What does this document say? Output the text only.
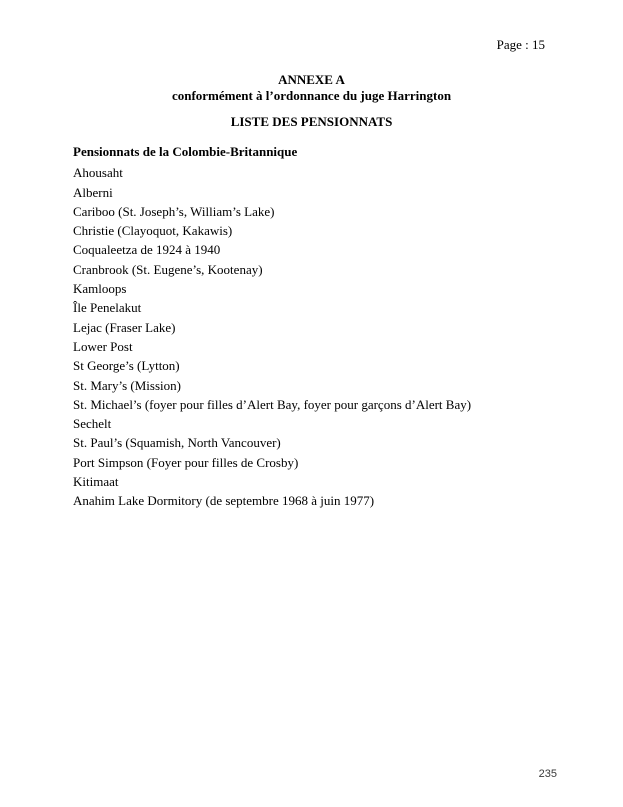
Page : 15
ANNEXE A
conformément à l’ordonnance du juge Harrington
LISTE DES PENSIONNATS
Pensionnats de la Colombie-Britannique
Ahousaht
Alberni
Cariboo (St. Joseph’s, William’s Lake)
Christie (Clayoquot, Kakawis)
Coqualeetza de 1924 à 1940
Cranbrook (St. Eugene’s, Kootenay)
Kamloops
Île Penelakut
Lejac (Fraser Lake)
Lower Post
St George’s (Lytton)
St. Mary’s (Mission)
St. Michael’s (foyer pour filles d’Alert Bay, foyer pour garçons d’Alert Bay)
Sechelt
St. Paul’s (Squamish, North Vancouver)
Port Simpson (Foyer pour filles de Crosby)
Kitimaat
Anahim Lake Dormitory (de septembre 1968 à juin 1977)
235
